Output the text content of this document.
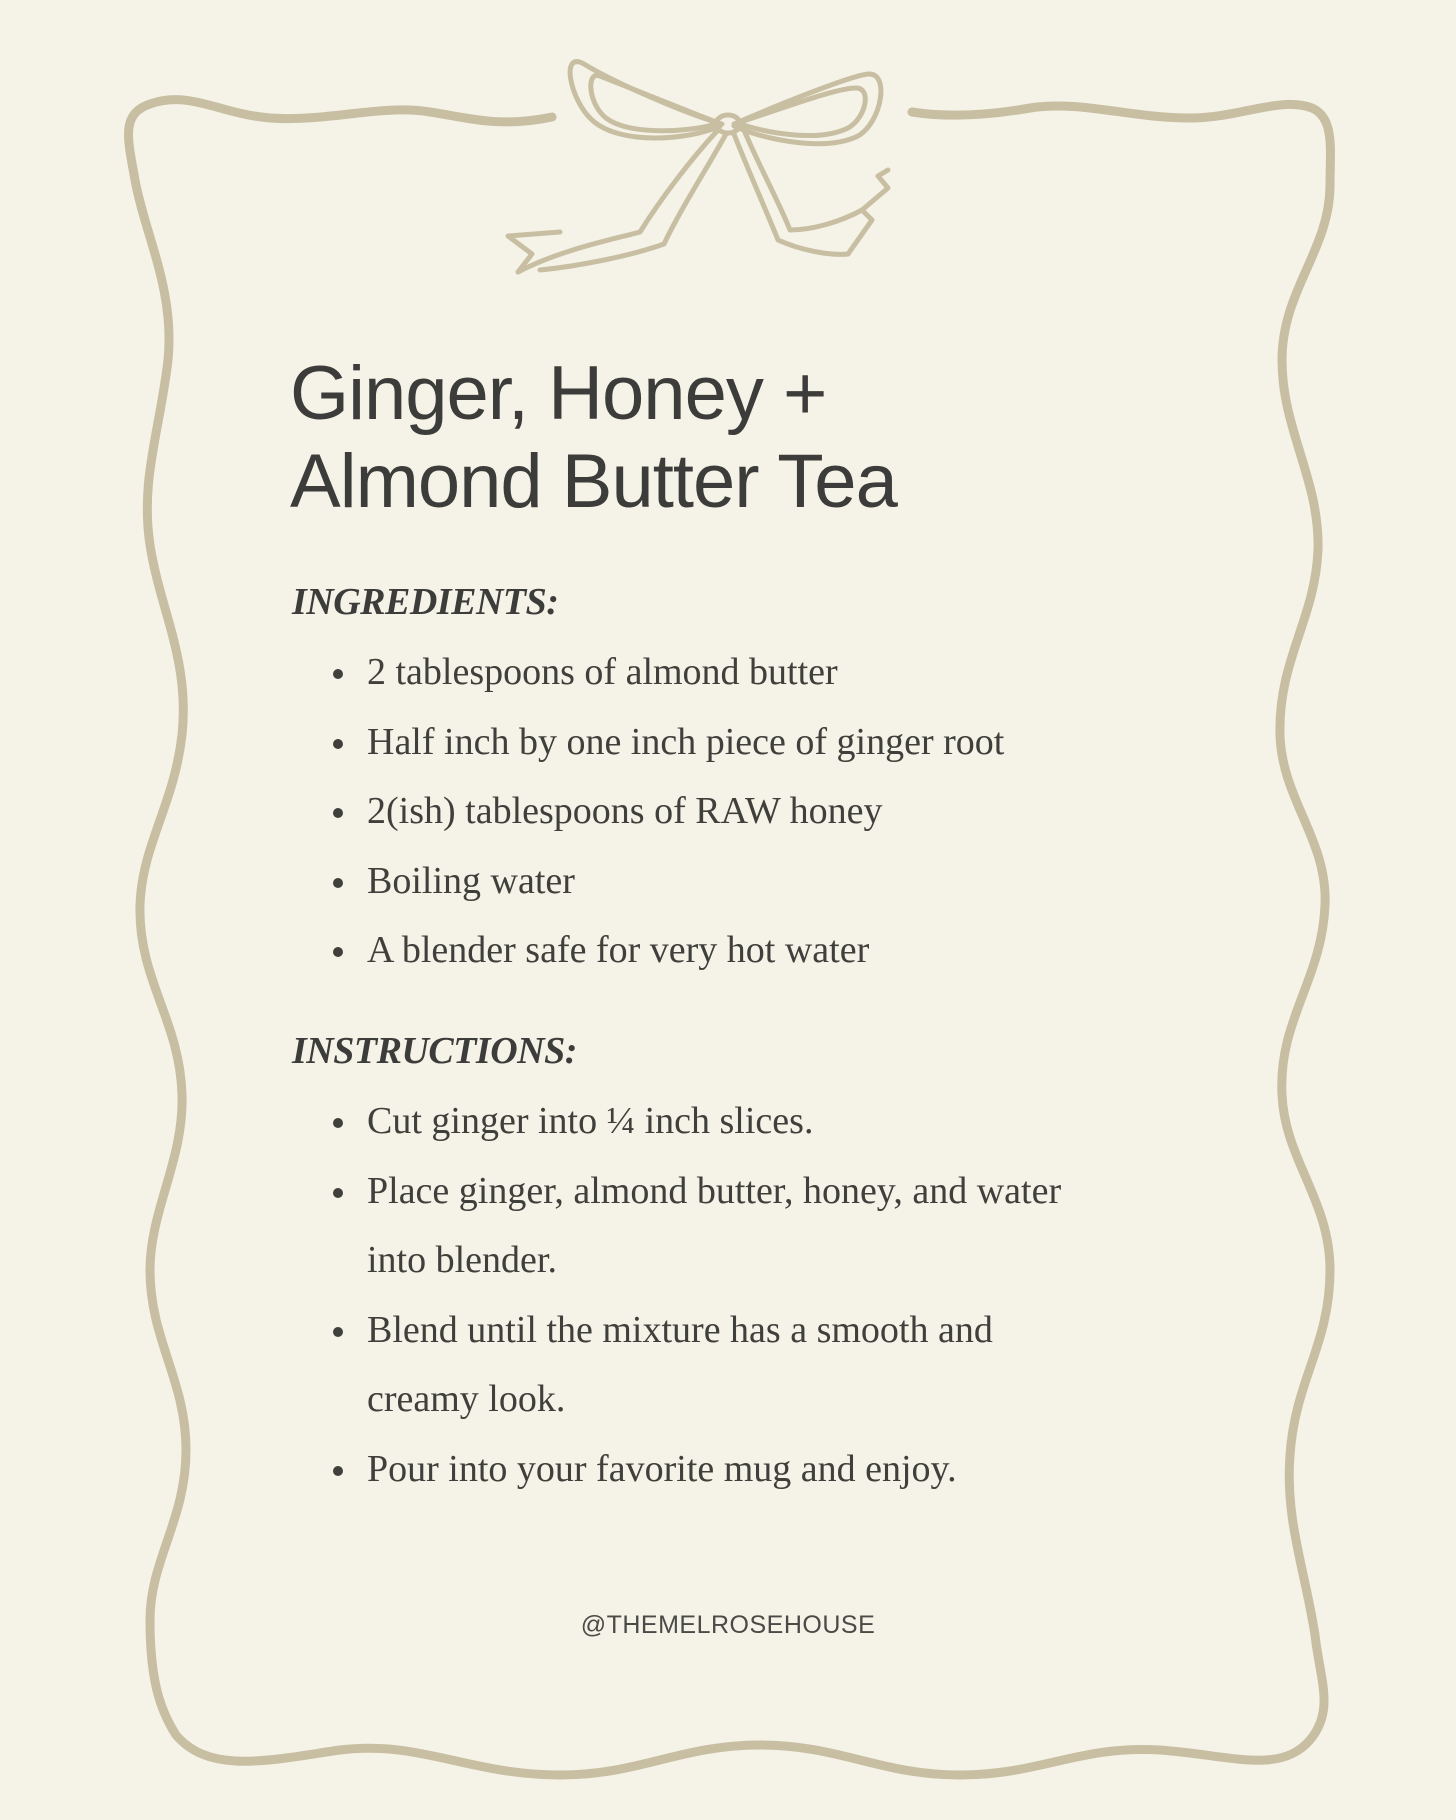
Ginger, Honey +
Almond Butter Tea
INGREDIENTS:
2 tablespoons of almond butter
Half inch by one inch piece of ginger root
2(ish) tablespoons of RAW honey
Boiling water
A blender safe for very hot water
INSTRUCTIONS:
Cut ginger into ¼ inch slices.
Place ginger, almond butter, honey, and water into blender.
Blend until the mixture has a smooth and creamy look.
Pour into your favorite mug and enjoy.

@THEMELROSEHOUSE
